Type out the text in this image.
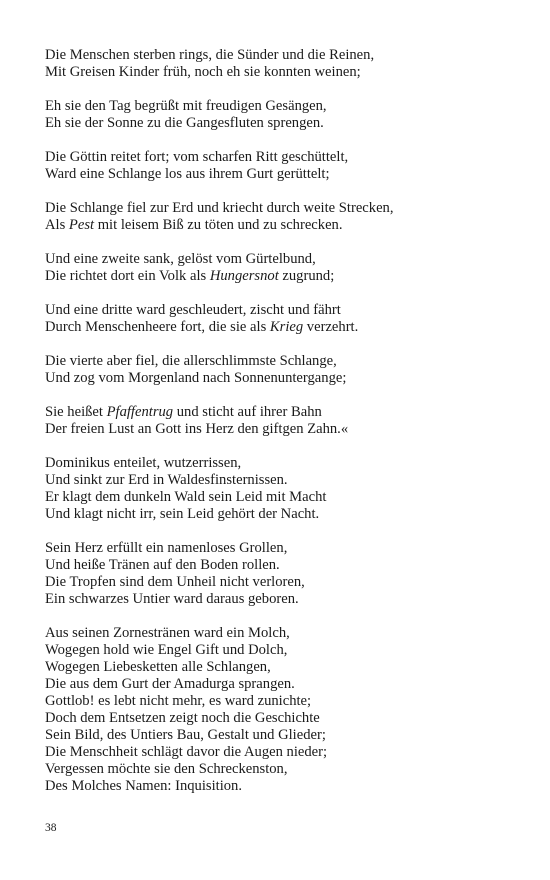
Die Menschen sterben rings, die Sünder und die Reinen,
Mit Greisen Kinder früh, noch eh sie konnten weinen;
Eh sie den Tag begrüßt mit freudigen Gesängen,
Eh sie der Sonne zu die Gangesfluten sprengen.
Die Göttin reitet fort; vom scharfen Ritt geschüttelt,
Ward eine Schlange los aus ihrem Gurt gerüttelt;
Die Schlange fiel zur Erd und kriecht durch weite Strecken,
Als Pest mit leisem Biß zu töten und zu schrecken.
Und eine zweite sank, gelöst vom Gürtelbund,
Die richtet dort ein Volk als Hungersnot zugrund;
Und eine dritte ward geschleudert, zischt und fährt
Durch Menschenheere fort, die sie als Krieg verzehrt.
Die vierte aber fiel, die allerschlimmste Schlange,
Und zog vom Morgenland nach Sonnenuntergange;
Sie heißet Pfaffentrug und sticht auf ihrer Bahn
Der freien Lust an Gott ins Herz den giftgen Zahn.«
Dominikus enteilet, wutzerrissen,
Und sinkt zur Erd in Waldesfinsternissen.
Er klagt dem dunkeln Wald sein Leid mit Macht
Und klagt nicht irr, sein Leid gehört der Nacht.
Sein Herz erfüllt ein namenloses Grollen,
Und heiße Tränen auf den Boden rollen.
Die Tropfen sind dem Unheil nicht verloren,
Ein schwarzes Untier ward daraus geboren.
Aus seinen Zornestränen ward ein Molch,
Wogegen hold wie Engel Gift und Dolch,
Wogegen Liebesketten alle Schlangen,
Die aus dem Gurt der Amadurga sprangen.
Gottlob! es lebt nicht mehr, es ward zunichte;
Doch dem Entsetzen zeigt noch die Geschichte
Sein Bild, des Untiers Bau, Gestalt und Glieder;
Die Menschheit schlägt davor die Augen nieder;
Vergessen möchte sie den Schreckenston,
Des Molches Namen: Inquisition.
38
